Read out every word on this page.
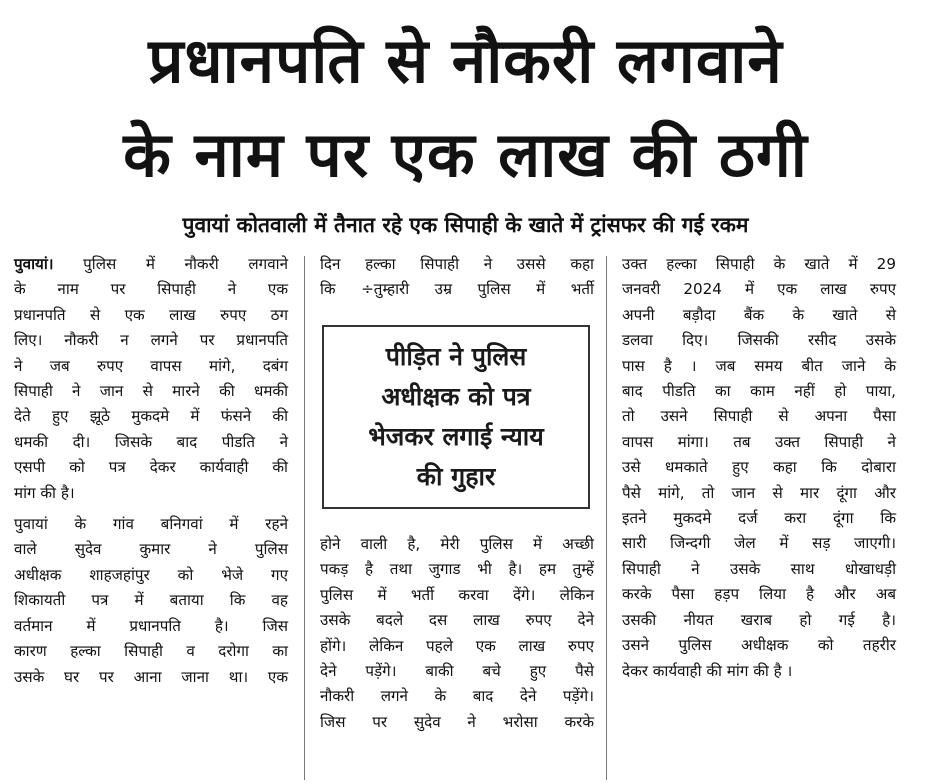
प्रधानपति से नौकरी लगवाने
के नाम पर एक लाख की ठगी
पुवायां कोतवाली में तैनात रहे एक सिपाही के खाते में ट्रांसफर की गई रकम

पुवायां। पुलिस में नौकरी लगवाने

के नाम पर सिपाही ने एक

प्रधानपति से एक लाख रुपए ठग

लिए। नौकरी न लगने पर प्रधानपति

ने जब रुपए वापस मांगे, दबंग

सिपाही ने जान से मारने की धमकी

देते हुए झूठे मुकदमे में फंसने की

धमकी दी। जिसके बाद पीडति ने

एसपी को पत्र देकर कार्यवाही की

मांग की है।

पुवायां के गांव बनिगवां में रहने

वाले सुदेव कुमार ने पुलिस

अधीक्षक शाहजहांपुर को भेजे गए

शिकायती पत्र में बताया कि वह

वर्तमान में प्रधानपति है। जिस

कारण हल्का सिपाही व दरोगा का

उसके घर पर आना जाना था। एक

दिन हल्का सिपाही ने उससे कहा

कि ÷तुम्हारी उम्र पुलिस में भर्ती

पीड़ित ने पुलिस
अधीक्षक को पत्र
भेजकर लगाई न्याय
की गुहार

होने वाली है, मेरी पुलिस में अच्छी

पकड़ है तथा जुगाड भी है। हम तुम्हें

पुलिस में भर्ती करवा देंगे। लेकिन

उसके बदले दस लाख रुपए देने

होंगे। लेकिन पहले एक लाख रुपए

देने पड़ेंगे। बाकी बचे हुए पैसे

नौकरी लगने के बाद देने पड़ेंगे।

जिस पर सुदेव ने भरोसा करके

उक्त हल्का सिपाही के खाते में 29

जनवरी 2024 में एक लाख रुपए

अपनी बड़ौदा बैंक के खाते से

डलवा दिए। जिसकी रसीद उसके

पास है । जब समय बीत जाने के

बाद पीडति का काम नहीं हो पाया,

तो उसने सिपाही से अपना पैसा

वापस मांगा। तब उक्त सिपाही ने

उसे धमकाते हुए कहा कि दोबारा

पैसे मांगे, तो जान से मार दूंगा और

इतने मुकदमे दर्ज करा दूंगा कि

सारी जिन्दगी जेल में सड़ जाएगी।

सिपाही ने उसके साथ धोखाधड़ी

करके पैसा हड़प लिया है और अब

उसकी नीयत खराब हो गई है।

उसने पुलिस अधीक्षक को तहरीर

देकर कार्यवाही की मांग की है ।
